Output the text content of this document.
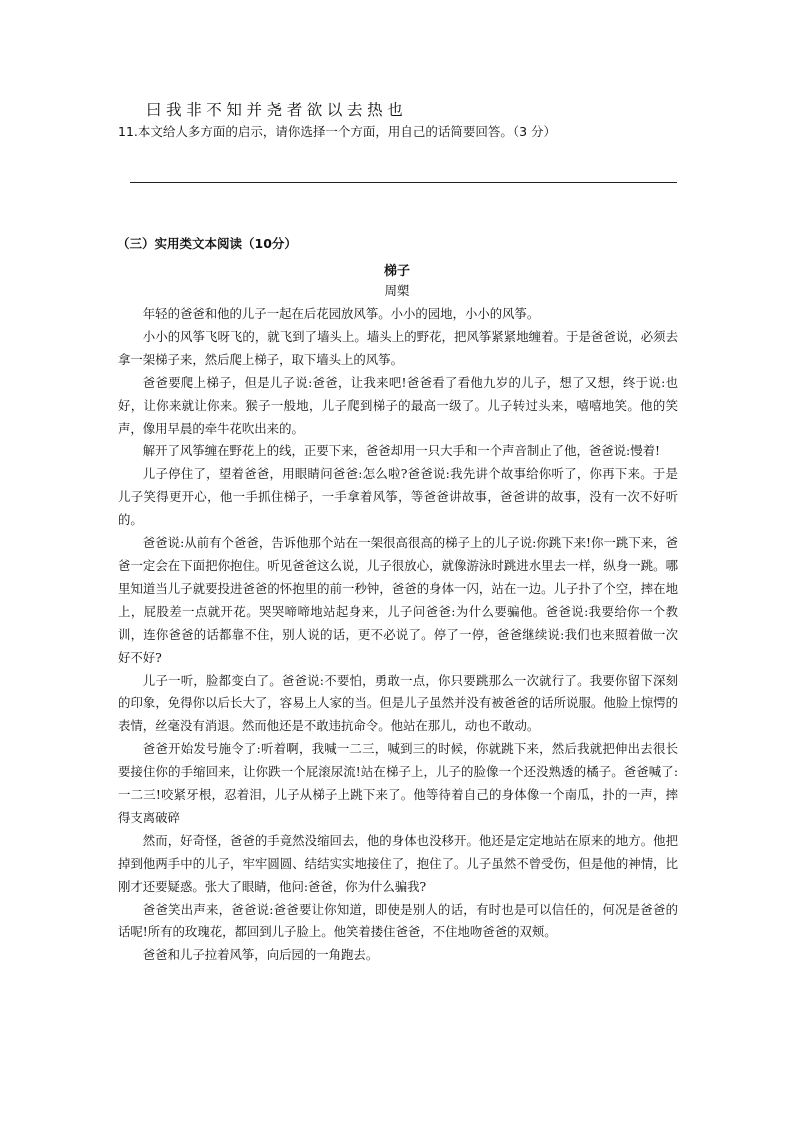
曰我非不知并尧者欲以去热也
11.本文给人多方面的启示，请你选择一个方面，用自己的话简要回答。（3 分）
（三）实用类文本阅读（10分）
梯子
周槊

年轻的爸爸和他的儿子一起在后花园放风筝。小小的园地，小小的风筝。

小小的风筝飞呀飞的，就飞到了墙头上。墙头上的野花，把风筝紧紧地缠着。于是爸爸说，必须去拿一架梯子来，然后爬上梯子，取下墙头上的风筝。

爸爸要爬上梯子，但是儿子说:爸爸，让我来吧!爸爸看了看他九岁的儿子，想了又想，终于说:也好，让你来就让你来。猴子一般地，儿子爬到梯子的最高一级了。儿子转过头来，嘻嘻地笑。他的笑声，像用早晨的牵牛花吹出来的。

解开了风筝缠在野花上的线，正要下来，爸爸却用一只大手和一个声音制止了他，爸爸说:慢着!

儿子停住了，望着爸爸，用眼睛问爸爸:怎么啦?爸爸说:我先讲个故事给你听了，你再下来。于是儿子笑得更开心，他一手抓住梯子，一手拿着风筝，等爸爸讲故事，爸爸讲的故事，没有一次不好听的。

爸爸说:从前有个爸爸，告诉他那个站在一架很高很高的梯子上的儿子说:你跳下来!你一跳下来，爸爸一定会在下面把你抱住。听见爸爸这么说，儿子很放心，就像游泳时跳进水里去一样，纵身一跳。哪里知道当儿子就要投进爸爸的怀抱里的前一秒钟，爸爸的身体一闪，站在一边。儿子扑了个空，摔在地上，屁股差一点就开花。哭哭啼啼地站起身来，儿子问爸爸:为什么要骗他。爸爸说:我要给你一个教训，连你爸爸的话都靠不住，别人说的话，更不必说了。停了一停，爸爸继续说:我们也来照着做一次好不好?

儿子一听，脸都变白了。爸爸说:不要怕，勇敢一点，你只要跳那么一次就行了。我要你留下深刻的印象，免得你以后长大了，容易上人家的当。但是儿子虽然并没有被爸爸的话所说服。他脸上惊愕的表情，丝毫没有消退。然而他还是不敢违抗命令。他站在那儿，动也不敢动。

爸爸开始发号施令了:听着啊，我喊一二三，喊到三的时候，你就跳下来，然后我就把伸出去很长要接住你的手缩回来，让你跌一个屁滚尿流!站在梯子上，儿子的脸像一个还没熟透的橘子。爸爸喊了:一二三!咬紧牙根，忍着泪，儿子从梯子上跳下来了。他等待着自己的身体像一个南瓜，扑的一声，摔得支离破碎

然而，好奇怪，爸爸的手竟然没缩回去，他的身体也没移开。他还是定定地站在原来的地方。他把掉到他两手中的儿子，牢牢圆圆、结结实实地接住了，抱住了。儿子虽然不曾受伤，但是他的神情，比刚才还要疑惑。张大了眼睛，他问:爸爸，你为什么骗我?

爸爸笑出声来，爸爸说:爸爸要让你知道，即使是别人的话，有时也是可以信任的，何况是爸爸的话呢!所有的玫瑰花，都回到儿子脸上。他笑着搂住爸爸，不住地吻爸爸的双颊。

爸爸和儿子拉着风筝，向后园的一角跑去。
